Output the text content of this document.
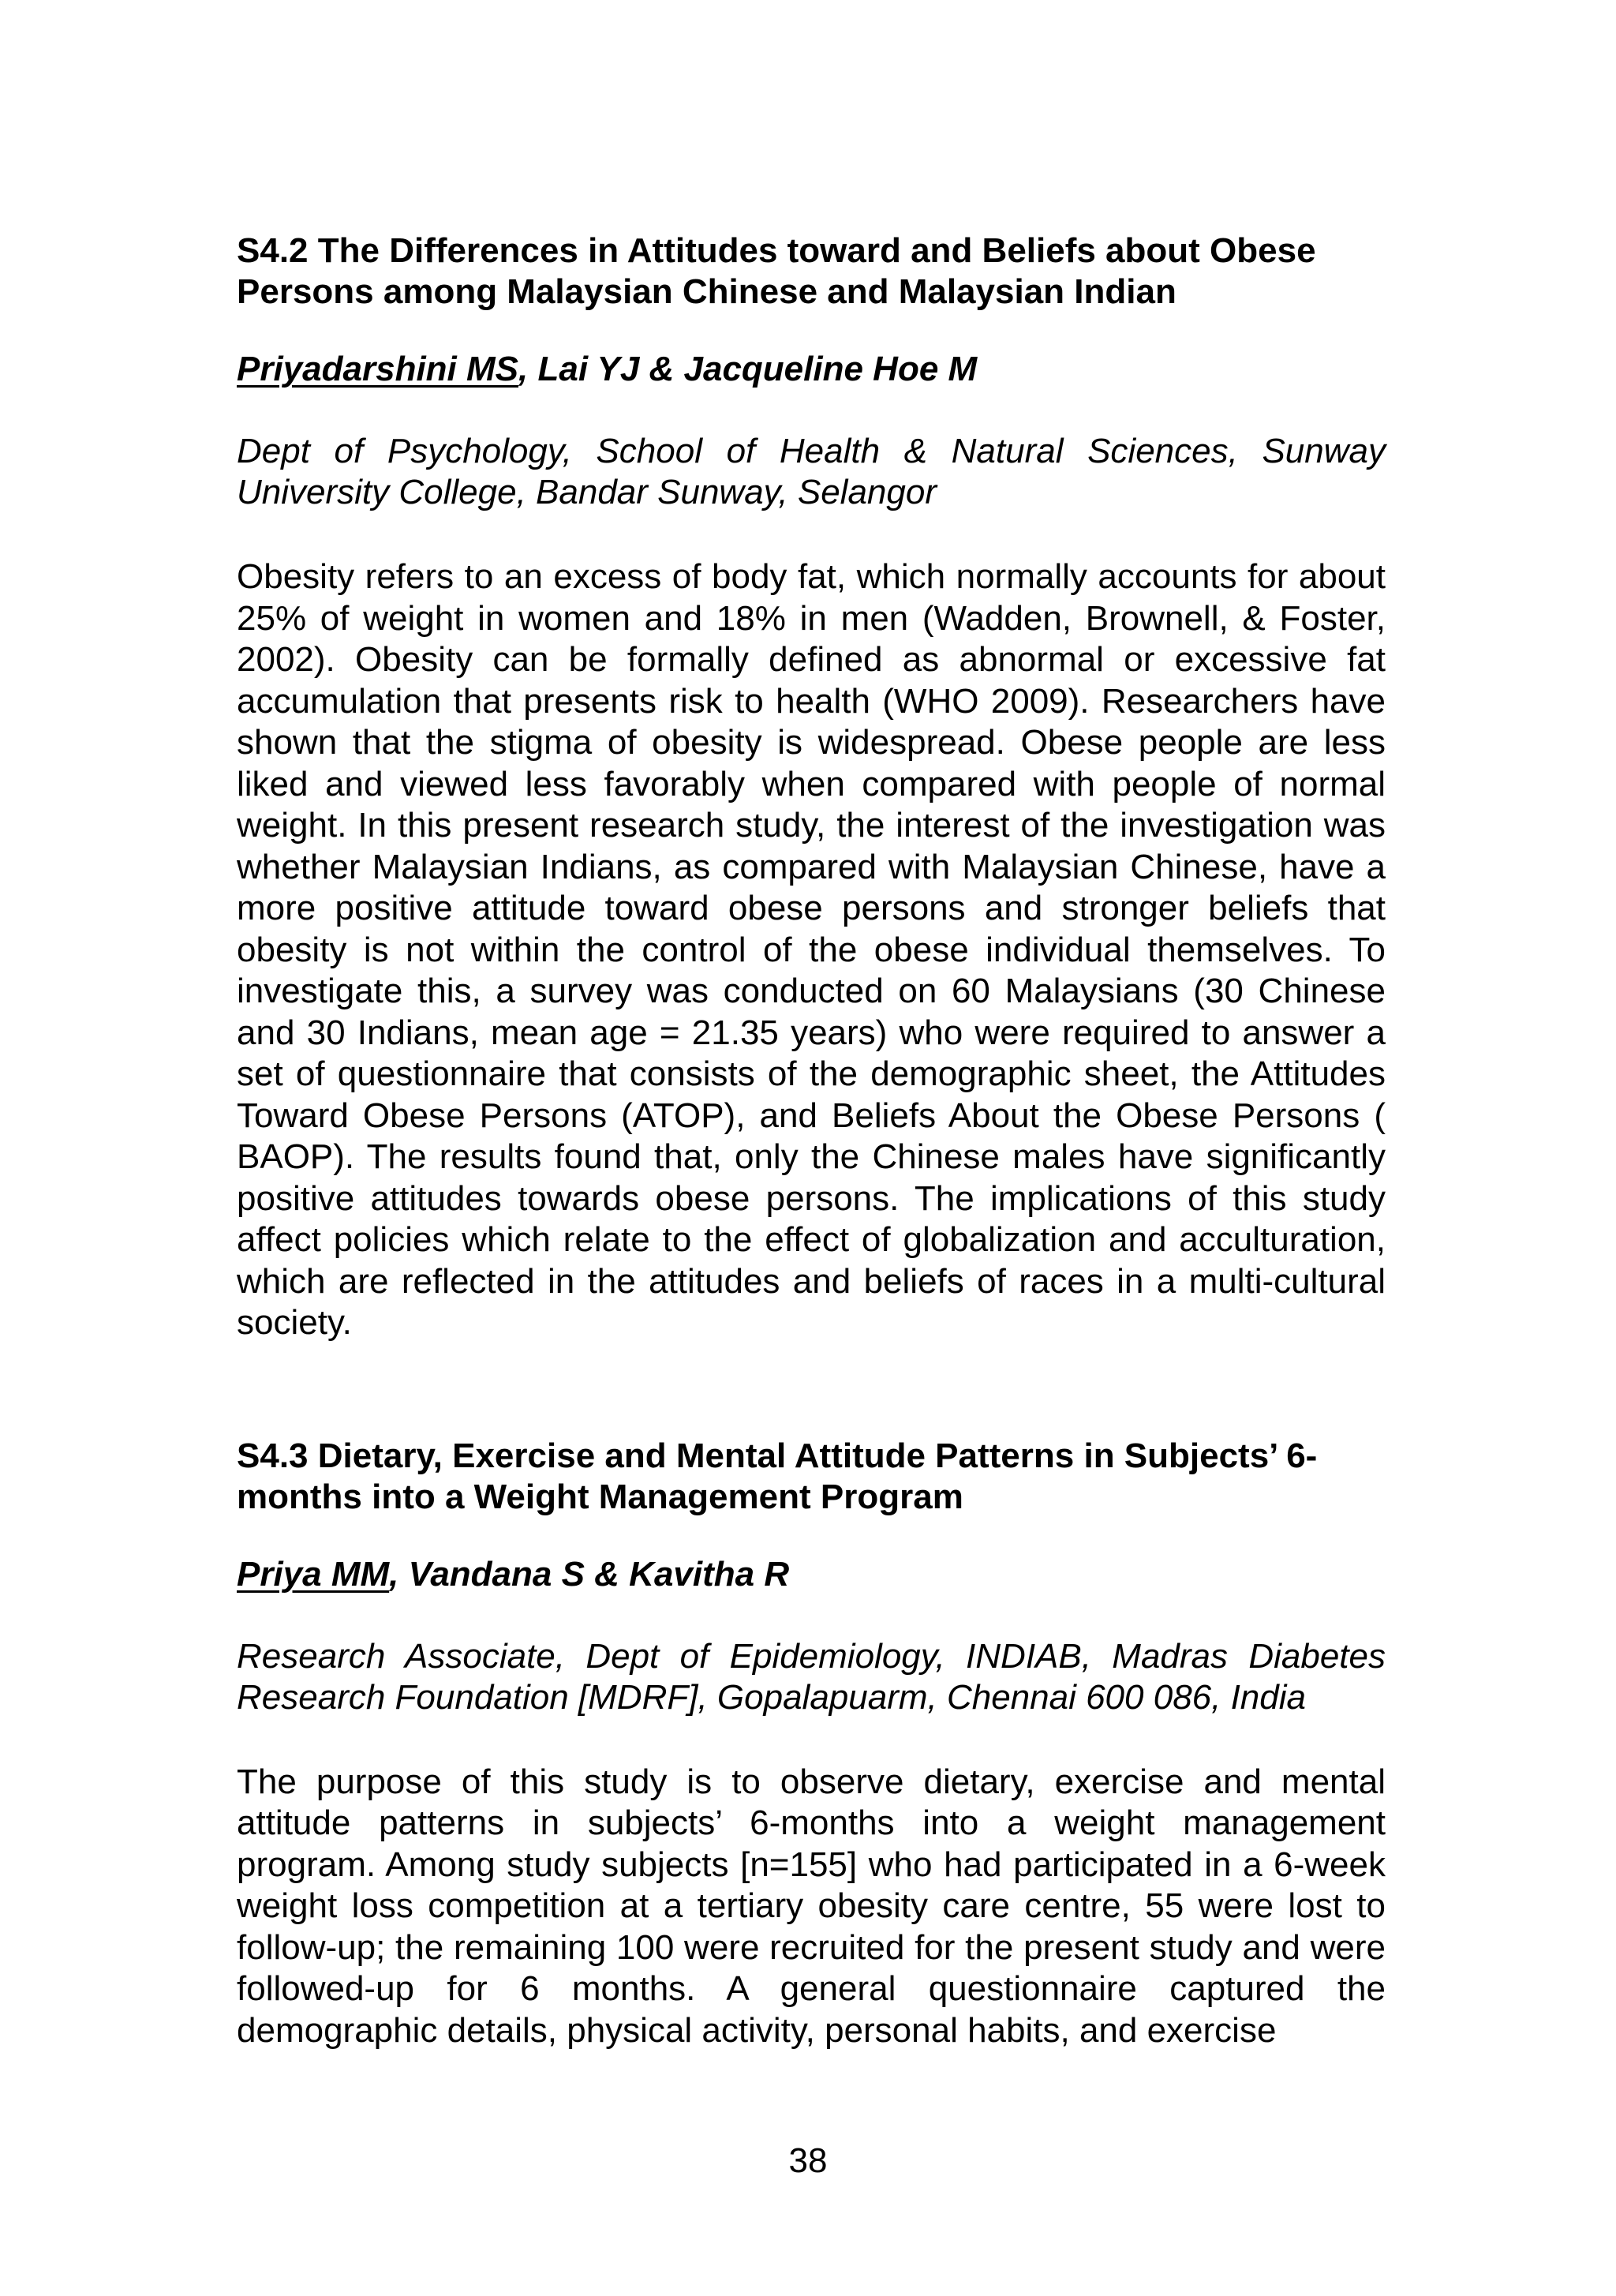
S4.2 The Differences in Attitudes toward and Beliefs about Obese Persons among Malaysian Chinese and Malaysian Indian

Priyadarshini MS, Lai YJ & Jacqueline Hoe M

Dept of Psychology, School of Health & Natural Sciences, Sunway University College, Bandar Sunway, Selangor

Obesity refers to an excess of body fat, which normally accounts for about 25% of weight in women and 18% in men (Wadden, Brownell, & Foster, 2002). Obesity can be formally defined as abnormal or excessive fat accumulation that presents risk to health (WHO 2009). Researchers have shown that the stigma of obesity is widespread. Obese people are less liked and viewed less favorably when compared with people of normal weight. In this present research study, the interest of the investigation was whether Malaysian Indians, as compared with Malaysian Chinese, have a more positive attitude toward obese persons and stronger beliefs that obesity is not within the control of the obese individual themselves. To investigate this, a survey was conducted on 60 Malaysians (30 Chinese and 30 Indians, mean age = 21.35 years) who were required to answer a set of questionnaire that consists of the demographic sheet, the Attitudes Toward Obese Persons (ATOP), and Beliefs About the Obese Persons ( BAOP). The results found that, only the Chinese males have significantly positive attitudes towards obese persons. The implications of this study affect policies which relate to the effect of globalization and acculturation, which are reflected in the attitudes and beliefs of races in a multi-cultural society.

S4.3 Dietary, Exercise and Mental Attitude Patterns in Subjects’ 6-months into a Weight Management Program

Priya MM, Vandana S & Kavitha R

Research Associate, Dept of Epidemiology, INDIAB, Madras Diabetes Research Foundation [MDRF], Gopalapuarm, Chennai 600 086, India

The purpose of this study is to observe dietary, exercise and mental attitude patterns in subjects’ 6-months into a weight management program. Among study subjects [n=155] who had participated in a 6-week weight loss competition at a tertiary obesity care centre, 55 were lost to follow-up; the remaining 100 were recruited for the present study and were followed-up for 6 months. A general questionnaire captured the demographic details, physical activity, personal habits, and exercise

38
